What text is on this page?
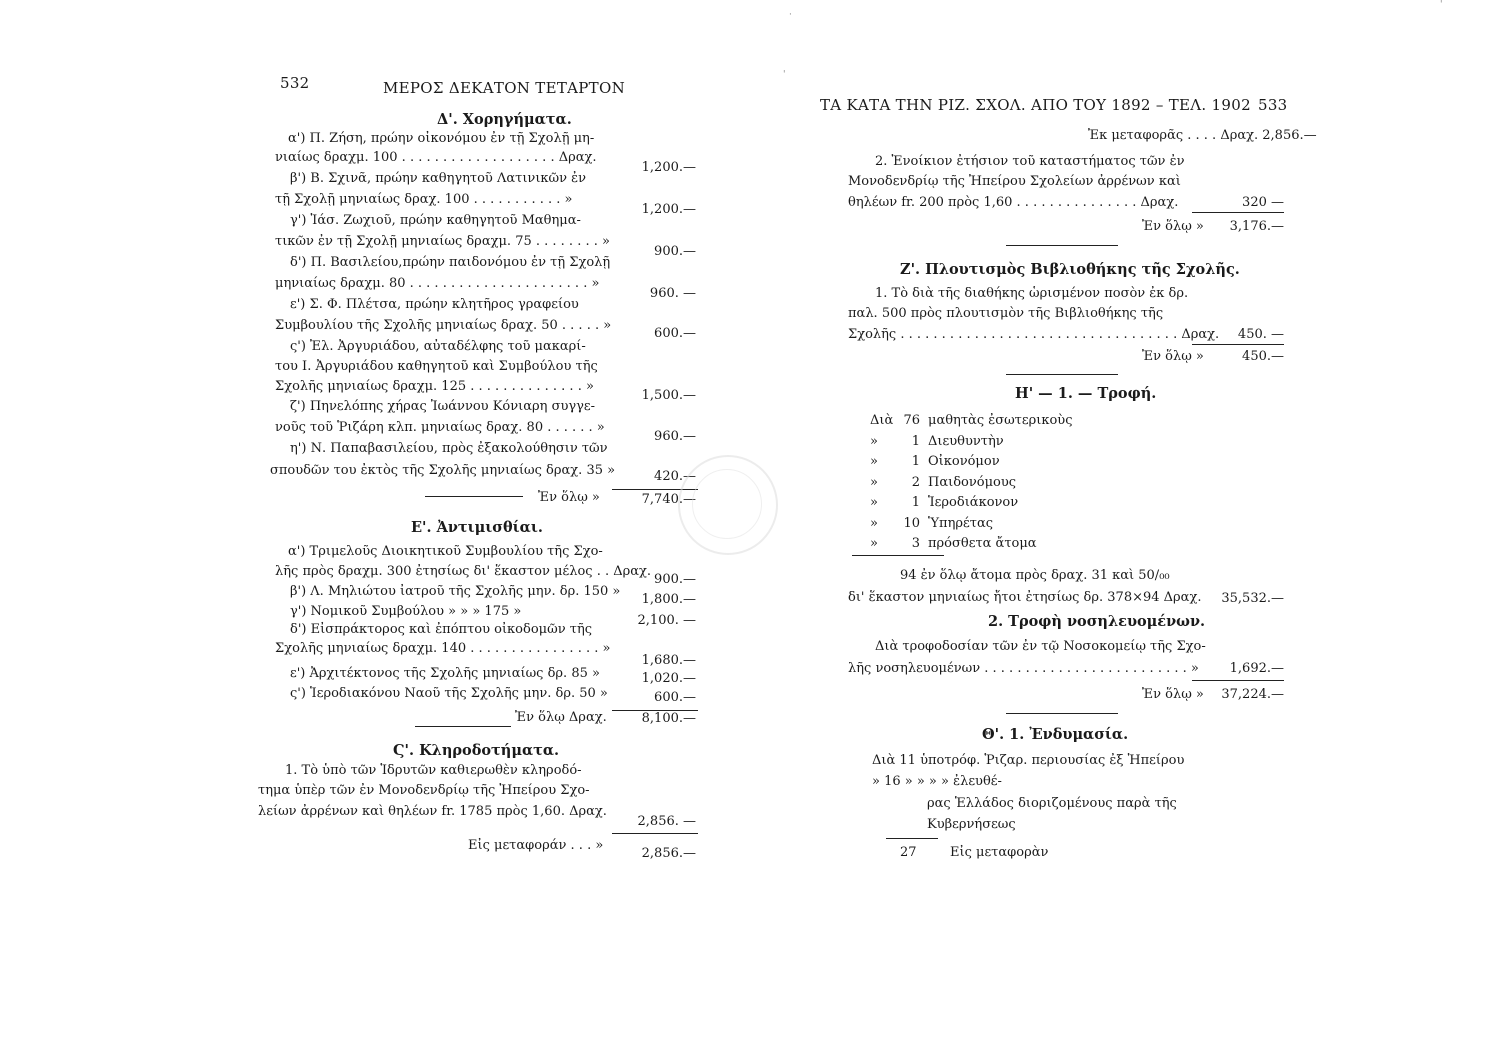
532	ΜΕΡΟΣ ΔΕΚΑΤΟΝ ΤΕΤΑΡΤΟΝ
Δ'. Χορηγήματα.
α') Π. Ζήση, πρώην οἰκονόμου ἐν τῇ Σχολῇ μη-
νιαίως δραχμ. 100 . . . . . . . . . . . . . . . . . . . Δραχ.
1,200.—
β') Β. Σχινᾶ, πρώην καθηγητοῦ Λατινικῶν ἐν
τῇ Σχολῇ μηνιαίως δραχ. 100 . . . . . . . . . . . »
1,200.—
γ') Ἰάσ. Ζωχιοῦ, πρώην καθηγητοῦ Μαθημα-
τικῶν ἐν τῇ Σχολῇ μηνιαίως δραχμ. 75 . . . . . . . . »
900.—
δ') Π. Βασιλείου,πρώην παιδονόμου ἐν τῇ Σχολῇ
μηνιαίως δραχμ. 80 . . . . . . . . . . . . . . . . . . . . . . »
960. —
ε') Σ. Φ. Πλέτσα, πρώην κλητῆρος γραφείου
Συμβουλίου τῆς Σχολῆς μηνιαίως δραχ. 50 . . . . . »
600.—
ς') Ἐλ. Ἀργυριάδου, αὐταδέλφης τοῦ μακαρί-
του Ι. Ἀργυριάδου καθηγητοῦ καὶ Συμβούλου τῆς
Σχολῆς μηνιαίως δραχμ. 125 . . . . . . . . . . . . . . »
1,500.—
ζ') Πηνελόπης χήρας Ἰωάννου Κόνιαρη συγγε-
νοῦς τοῦ Ῥιζάρη κλπ. μηνιαίως δραχ. 80 . . . . . . »
960.—
η') Ν. Παπαβασιλείου, πρὸς ἐξακολούθησιν τῶν
σπουδῶν του ἐκτὸς τῆς Σχολῆς μηνιαίως δραχ. 35 »	420.—
Ἐν ὅλῳ »	7,740.—
Ε'. Ἀντιμισθίαι.
α') Τριμελοῦς Διοικητικοῦ Συμβουλίου τῆς Σχο-
λῆς πρὸς δραχμ. 300 ἐτησίως δι' ἕκαστον μέλος . . Δραχ.
900.—
β') Λ. Μηλιώτου ἰατροῦ τῆς Σχολῆς μην. δρ. 150 »
1,800.—
γ') Νομικοῦ Συμβούλου » » » 175 »
2,100. —
δ') Εἰσπράκτορος καὶ ἐπόπτου οἰκοδομῶν τῆς
Σχολῆς μηνιαίως δραχμ. 140 . . . . . . . . . . . . . . . . »
1,680.—
ε') Ἀρχιτέκτονος τῆς Σχολῆς μηνιαίως δρ. 85 »	1,020.—
ς') Ἱεροδιακόνου Ναοῦ τῆς Σχολῆς μην. δρ. 50 »	600.—
Ἐν ὅλῳ Δραχ.	8,100.—
Ϛ'. Κληροδοτήματα.
1. Τὸ ὑπὸ τῶν Ἱδρυτῶν καθιερωθὲν κληροδό-
τημα ὑπὲρ τῶν ἐν Μονοδενδρίῳ τῆς Ἠπείρου Σχο-
λείων ἀρρένων καὶ θηλέων fr. 1785 πρὸς 1,60. Δραχ.
2,856. —
Εἰς μεταφοράν . . . »
2,856.—
'
·
'
ΤΑ ΚΑΤΑ ΤΗΝ ΡΙΖ. ΣΧΟΛ. ΑΠΟ ΤΟΥ 1892 – ΤΕΛ. 1902 533
Ἐκ μεταφορᾶς . . . . Δραχ. 2,856.—
2. Ἐνοίκιον ἐτήσιον τοῦ καταστήματος τῶν ἐν
Μονοδενδρίῳ τῆς Ἠπείρου Σχολείων ἀρρένων καὶ
θηλέων fr. 200 πρὸς 1,60 . . . . . . . . . . . . . . . Δραχ.	320 —
Ἐν ὅλῳ »	3,176.—
Ζ'. Πλουτισμὸς Βιβλιοθήκης τῆς Σχολῆς.
1. Τὸ διὰ τῆς διαθήκης ὡρισμένον ποσὸν ἐκ δρ.
παλ. 500 πρὸς πλουτισμὸν τῆς Βιβλιοθήκης τῆς
Σχολῆς . . . . . . . . . . . . . . . . . . . . . . . . . . . . . . . . . . Δραχ.	450. —
Ἐν ὅλῳ »	450.—
Η' — 1. — Τροφή.
Διὰ 76 μαθητὰς ἐσωτερικοὺς
»	1 Διευθυντὴν
»	1 Οἰκονόμον
»	2 Παιδονόμους
»	1 Ἱεροδιάκονον
»	10 Ὑπηρέτας
»	3 πρόσθετα ἄτομα
94 ἐν ὅλῳ ἄτομα πρὸς δραχ. 31 καὶ 50/₀₀
δι' ἕκαστον μηνιαίως ἤτοι ἐτησίως δρ. 378×94 Δραχ.	35,532.—
2. Τροφὴ νοσηλευομένων.
Διὰ τροφοδοσίαν τῶν ἐν τῷ Νοσοκομείῳ τῆς Σχο-
λῆς νοσηλευομένων . . . . . . . . . . . . . . . . . . . . . . . . . »	1,692.—
Ἐν ὅλῳ »	37,224.—
Θ'. 1. Ἐνδυμασία.
Διὰ 11 ὑποτρόφ. Ῥιζαρ. περιουσίας ἐξ Ἠπείρου
» 16 » » » » ἐλευθέ-
ρας Ἑλλάδος διοριζομένους παρὰ τῆς
Κυβερνήσεως
27	Εἰς μεταφορὰν
